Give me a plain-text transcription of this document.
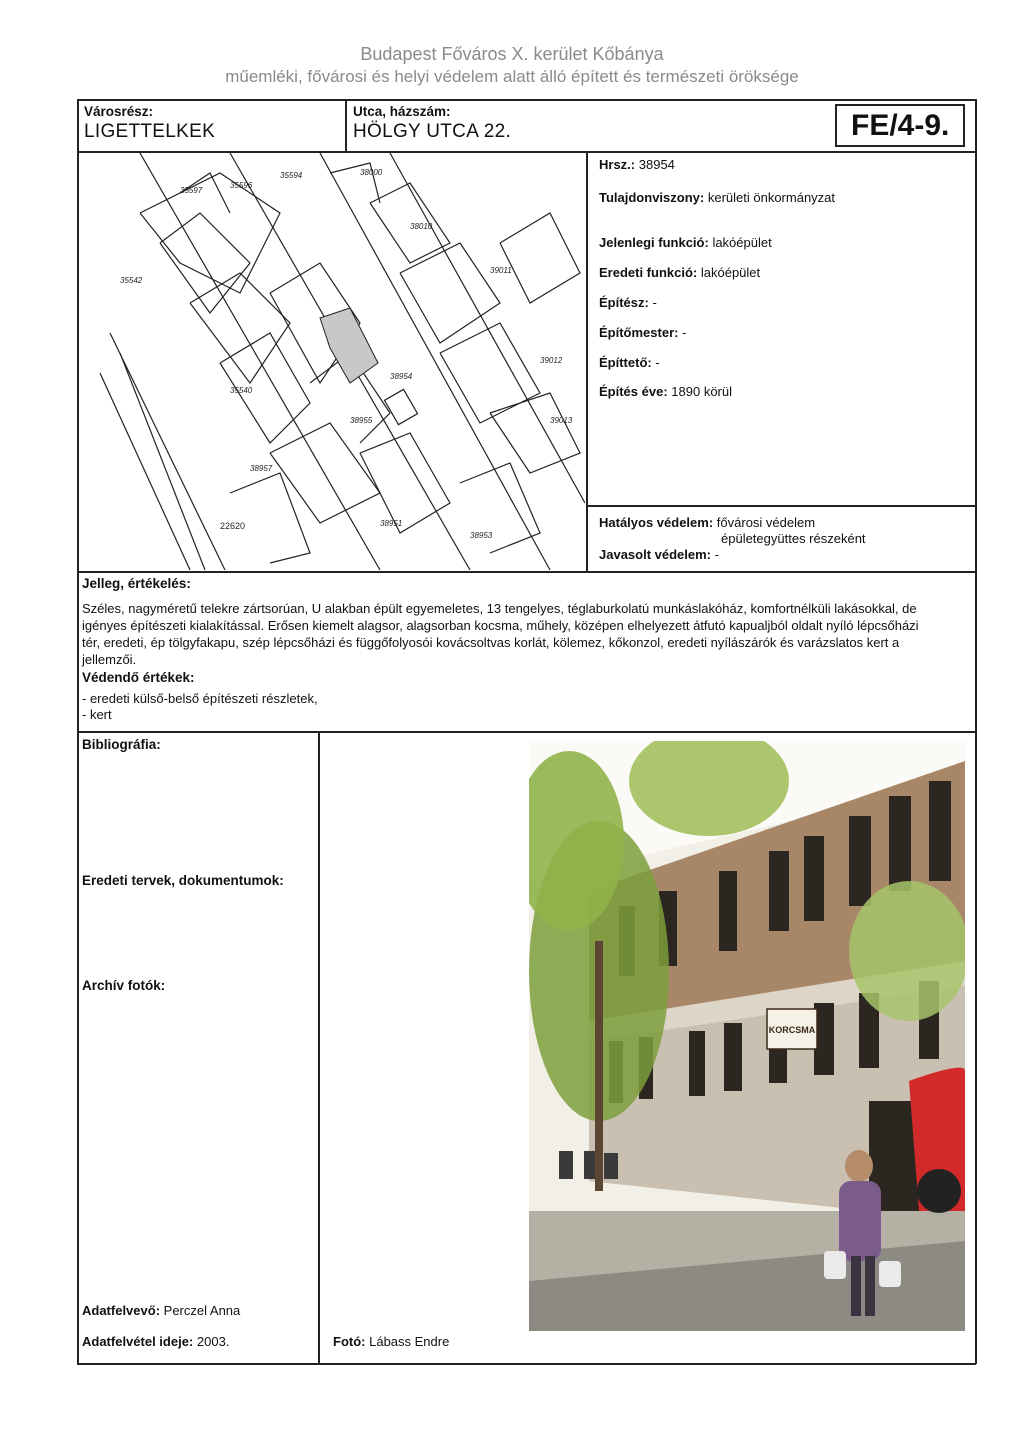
Budapest Főváros X. kerület Kőbánya
műemléki, fővárosi és helyi védelem alatt álló épített és természeti öröksége
Városrész:
LIGETTELKEK
Utca, házszám:
HÖLGY UTCA 22.	FE/4-9.
35597
35596
35594	38000
38010
39011
35542
39012
39013
22620	38951
38953
38954
35540
38955
38957
Hrsz.: 38954
Tulajdonviszony: kerületi önkormányzat
Jelenlegi funkció: lakóépület
Eredeti funkció: lakóépület
Építész: -
Építőmester: -
Építtető: -
Építés éve: 1890 körül
Hatályos védelem: fővárosi védelem
épületegyüttes részeként
Javasolt védelem: -
Jelleg, értékelés:
Széles, nagyméretű telekre zártsorúan, U alakban épült egyemeletes, 13 tengelyes, téglaburkolatú munkáslakóház, komfortnélküli lakásokkal, de
igényes építészeti kialakítással. Erősen kiemelt alagsor, alagsorban kocsma, műhely, középen elhelyezett átfutó kapualjból oldalt nyíló lépcsőházi
tér, eredeti, ép tölgyfakapu, szép lépcsőházi és függőfolyosói kovácsoltvas korlát, kölemez, kőkonzol, eredeti nyílászárók és varázslatos kert a
jellemzői.
Védendő értékek:
- eredeti külső-belső építészeti részletek,
- kert
Bibliográfia:
Eredeti tervek, dokumentumok:
Archív fotók:
Adatfelvevő: Perczel Anna
Adatfelvétel ideje: 2003.
KORCSMA
Fotó: Lábass Endre
